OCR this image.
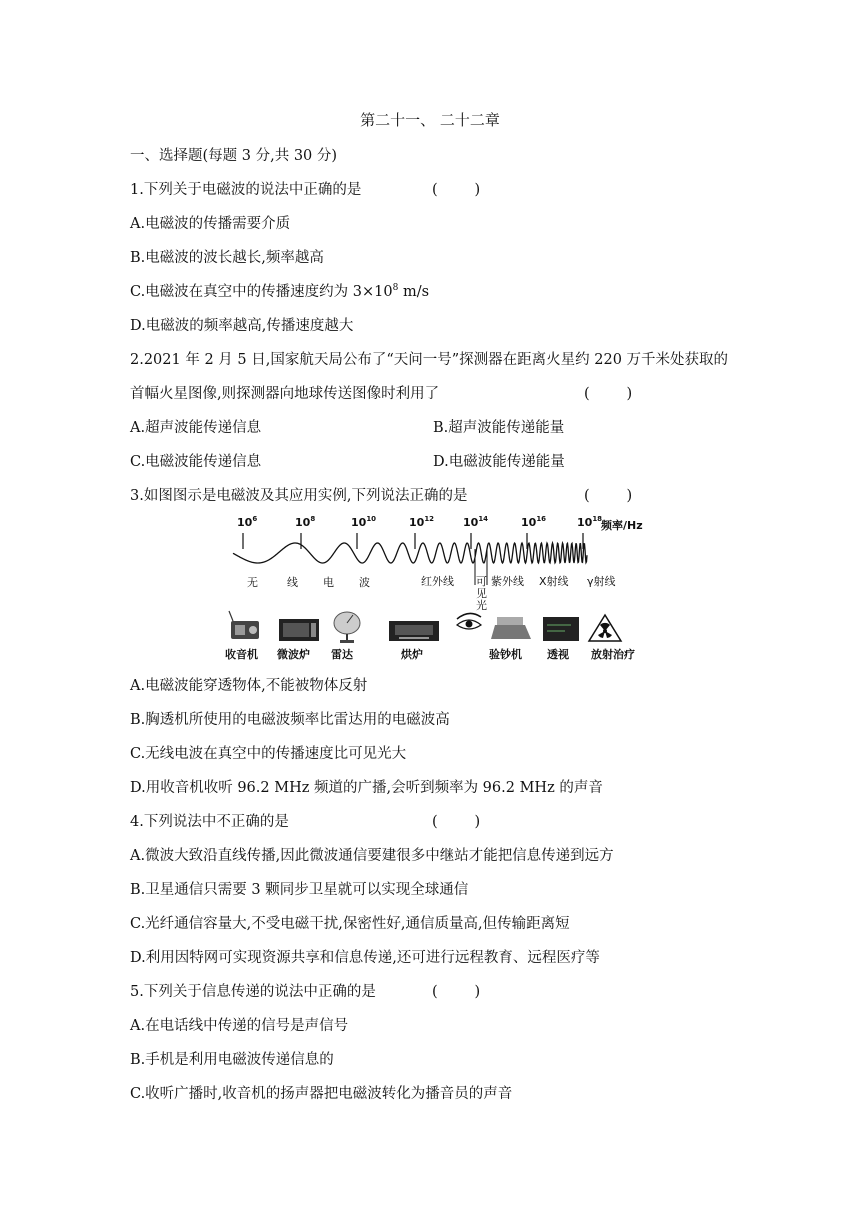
第二十一、 二十二章
一、选择题(每题 3 分,共 30 分)
1.下列关于电磁波的说法中正确的是	(        )
A.电磁波的传播需要介质
B.电磁波的波长越长,频率越高
C.电磁波在真空中的传播速度约为 $3\times 10^8$ m/s
D.电磁波的频率越高,传播速度越大
2.2021 年 2 月 5 日,国家航天局公布了“天问一号”探测器在距离火星约 220 万千米处获取的
首幅火星图像,则探测器向地球传送图像时利用了	(        )
A.超声波能传递信息	B.超声波能传递能量
C.电磁波能传递信息	D.电磁波能传递能量
3.如图图示是电磁波及其应用实例,下列说法正确的是	(        )
$10^6$	$10^8$	$10^{10}$	$10^{12}$	$10^{14}$	$10^{16}$	$10^{18}$
频率/Hz
无	线 电 波	红外线 可
见
光
紫外线 X射线 γ射线
收音机 微波炉 雷达	烘炉	验钞机 透视 放射治疗
A.电磁波能穿透物体,不能被物体反射
B.胸透机所使用的电磁波频率比雷达用的电磁波高
C.无线电波在真空中的传播速度比可见光大
D.用收音机收听 96.2 MHz 频道的广播,会听到频率为 96.2 MHz 的声音
4.下列说法中不正确的是	(        )
A.微波大致沿直线传播,因此微波通信要建很多中继站才能把信息传递到远方
B.卫星通信只需要 3 颗同步卫星就可以实现全球通信
C.光纤通信容量大,不受电磁干扰,保密性好,通信质量高,但传输距离短
D.利用因特网可实现资源共享和信息传递,还可进行远程教育、远程医疗等
5.下列关于信息传递的说法中正确的是	(        )
A.在电话线中传递的信号是声信号
B.手机是利用电磁波传递信息的
C.收听广播时,收音机的扬声器把电磁波转化为播音员的声音
